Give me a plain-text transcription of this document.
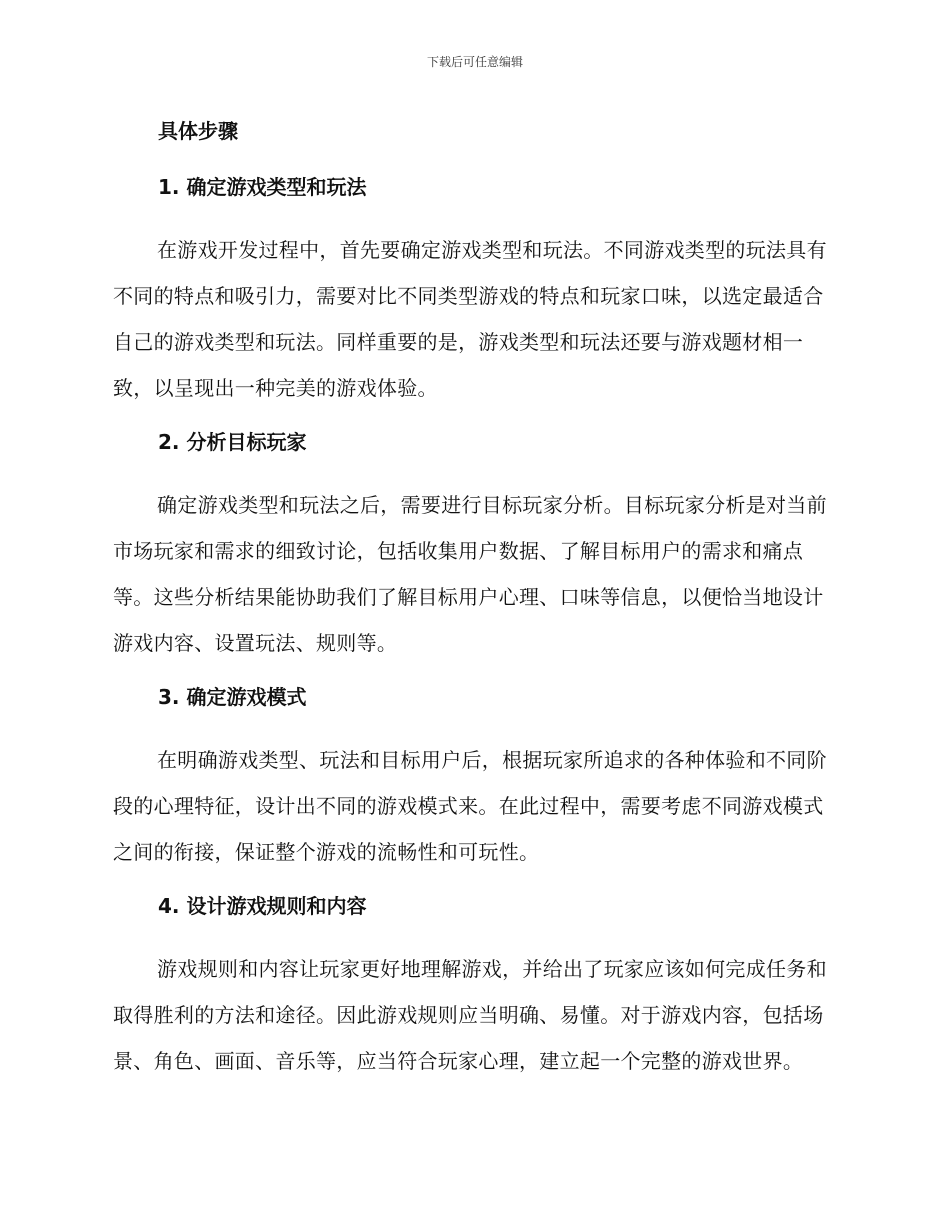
下载后可任意编辑
具体步骤
1. 确定游戏类型和玩法

在游戏开发过程中，首先要确定游戏类型和玩法。不同游戏类型的玩法具有不同的特点和吸引力，需要对比不同类型游戏的特点和玩家口味，以选定最适合自己的游戏类型和玩法。同样重要的是，游戏类型和玩法还要与游戏题材相一致，以呈现出一种完美的游戏体验。

2. 分析目标玩家

确定游戏类型和玩法之后，需要进行目标玩家分析。目标玩家分析是对当前市场玩家和需求的细致讨论，包括收集用户数据、了解目标用户的需求和痛点等。这些分析结果能协助我们了解目标用户心理、口味等信息，以便恰当地设计游戏内容、设置玩法、规则等。

3. 确定游戏模式

在明确游戏类型、玩法和目标用户后，根据玩家所追求的各种体验和不同阶段的心理特征，设计出不同的游戏模式来。在此过程中，需要考虑不同游戏模式之间的衔接，保证整个游戏的流畅性和可玩性。

4. 设计游戏规则和内容

游戏规则和内容让玩家更好地理解游戏，并给出了玩家应该如何完成任务和取得胜利的方法和途径。因此游戏规则应当明确、易懂。对于游戏内容，包括场景、角色、画面、音乐等，应当符合玩家心理，建立起一个完整的游戏世界。
